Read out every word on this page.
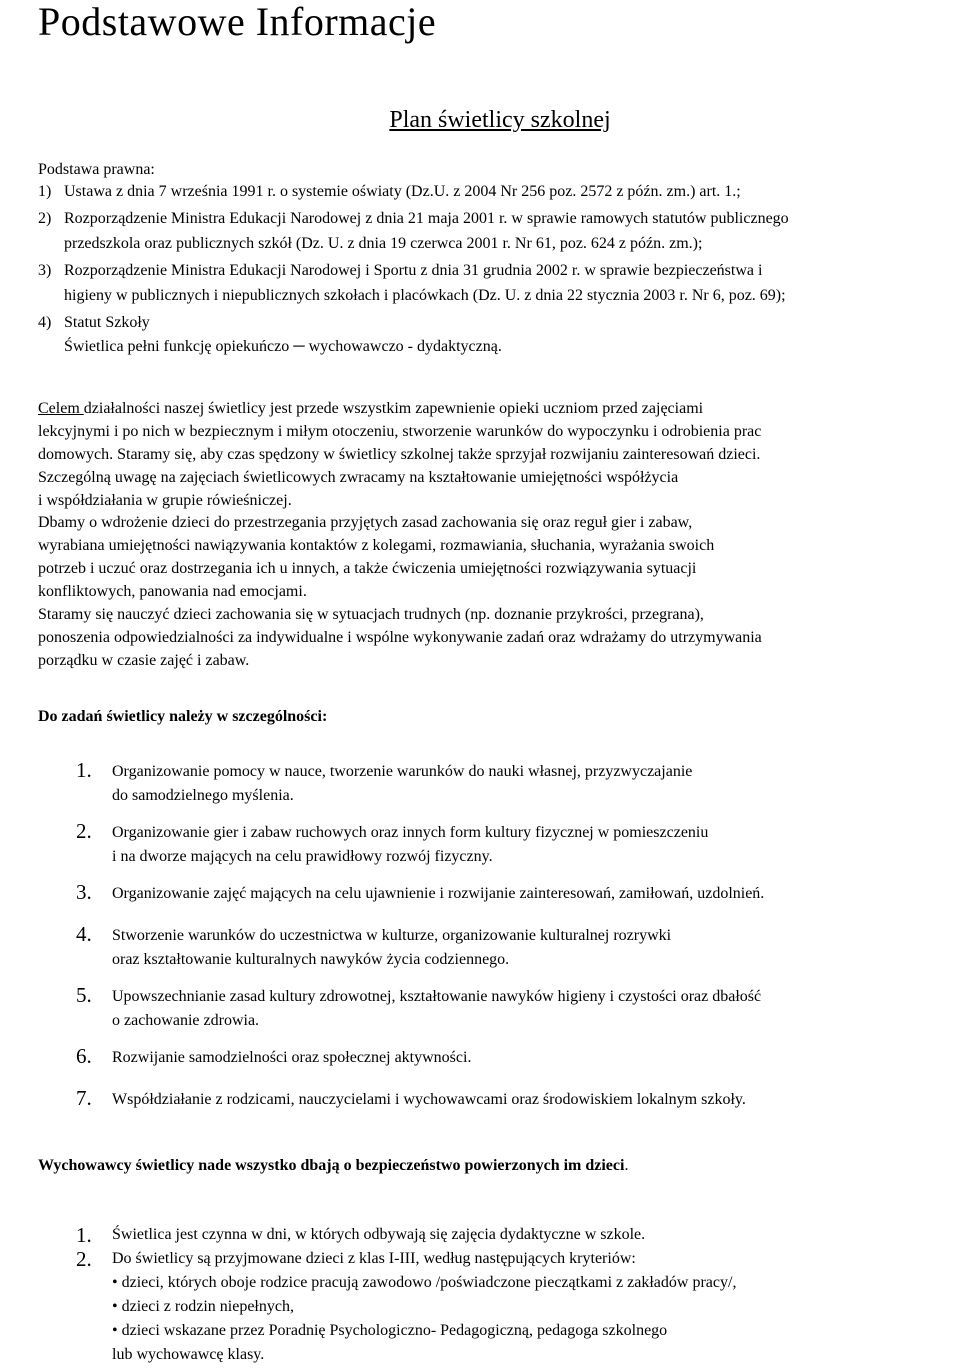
Podstawowe Informacje
Plan świetlicy szkolnej
Podstawa prawna:
1) Ustawa z dnia 7 września 1991 r. o systemie oświaty (Dz.U. z 2004 Nr 256 poz. 2572 z późn. zm.) art. 1.;
2) Rozporządzenie Ministra Edukacji Narodowej z dnia 21 maja 2001 r. w sprawie ramowych statutów publicznego
przedszkola oraz publicznych szkół (Dz. U. z dnia 19 czerwca 2001 r. Nr 61, poz. 624 z późn. zm.);
3) Rozporządzenie Ministra Edukacji Narodowej i Sportu z dnia 31 grudnia 2002 r. w sprawie bezpieczeństwa i
higieny w publicznych i niepublicznych szkołach i placówkach (Dz. U. z dnia 22 stycznia 2003 r. Nr 6, poz. 69);
4) Statut Szkoły
Świetlica pełni funkcję opiekuńczo ─ wychowawczo - dydaktyczną.
Celem działalności naszej świetlicy jest przede wszystkim zapewnienie opieki uczniom przed zajęciami
lekcyjnymi i po nich w bezpiecznym i miłym otoczeniu, stworzenie warunków do wypoczynku i odrobienia prac
domowych. Staramy się, aby czas spędzony w świetlicy szkolnej także sprzyjał rozwijaniu zainteresowań dzieci.
Szczególną uwagę na zajęciach świetlicowych zwracamy na kształtowanie umiejętności współżycia
i współdziałania w grupie rówieśniczej.
Dbamy o wdrożenie dzieci do przestrzegania przyjętych zasad zachowania się oraz reguł gier i zabaw,
wyrabiana umiejętności nawiązywania kontaktów z kolegami, rozmawiania, słuchania, wyrażania swoich
potrzeb i uczuć oraz dostrzegania ich u innych, a także ćwiczenia umiejętności rozwiązywania sytuacji
konfliktowych, panowania nad emocjami.
Staramy się nauczyć dzieci zachowania się w sytuacjach trudnych (np. doznanie przykrości, przegrana),
ponoszenia odpowiedzialności za indywidualne i wspólne wykonywanie zadań oraz wdrażamy do utrzymywania
porządku w czasie zajęć i zabaw.
Do zadań świetlicy należy w szczególności:
1.	Organizowanie pomocy w nauce, tworzenie warunków do nauki własnej, przyzwyczajanie
do samodzielnego myślenia.
2.	Organizowanie gier i zabaw ruchowych oraz innych form kultury fizycznej w pomieszczeniu
i na dworze mających na celu prawidłowy rozwój fizyczny.
3.	Organizowanie zajęć mających na celu ujawnienie i rozwijanie zainteresowań, zamiłowań, uzdolnień.
4.	Stworzenie warunków do uczestnictwa w kulturze, organizowanie kulturalnej rozrywki
oraz kształtowanie kulturalnych nawyków życia codziennego.
5.	Upowszechnianie zasad kultury zdrowotnej, kształtowanie nawyków higieny i czystości oraz dbałość
o zachowanie zdrowia.
6.	Rozwijanie samodzielności oraz społecznej aktywności.
7.	Współdziałanie z rodzicami, nauczycielami i wychowawcami oraz środowiskiem lokalnym szkoły.
Wychowawcy świetlicy nade wszystko dbają o bezpieczeństwo powierzonych im dzieci.
1.	Świetlica jest czynna w dni, w których odbywają się zajęcia dydaktyczne w szkole.
2.	Do świetlicy są przyjmowane dzieci z klas I-III, według następujących kryteriów:
• dzieci, których oboje rodzice pracują zawodowo /poświadczone pieczątkami z zakładów pracy/,
• dzieci z rodzin niepełnych,
• dzieci wskazane przez Poradnię Psychologiczno- Pedagogiczną, pedagoga szkolnego
lub wychowawcę klasy.
